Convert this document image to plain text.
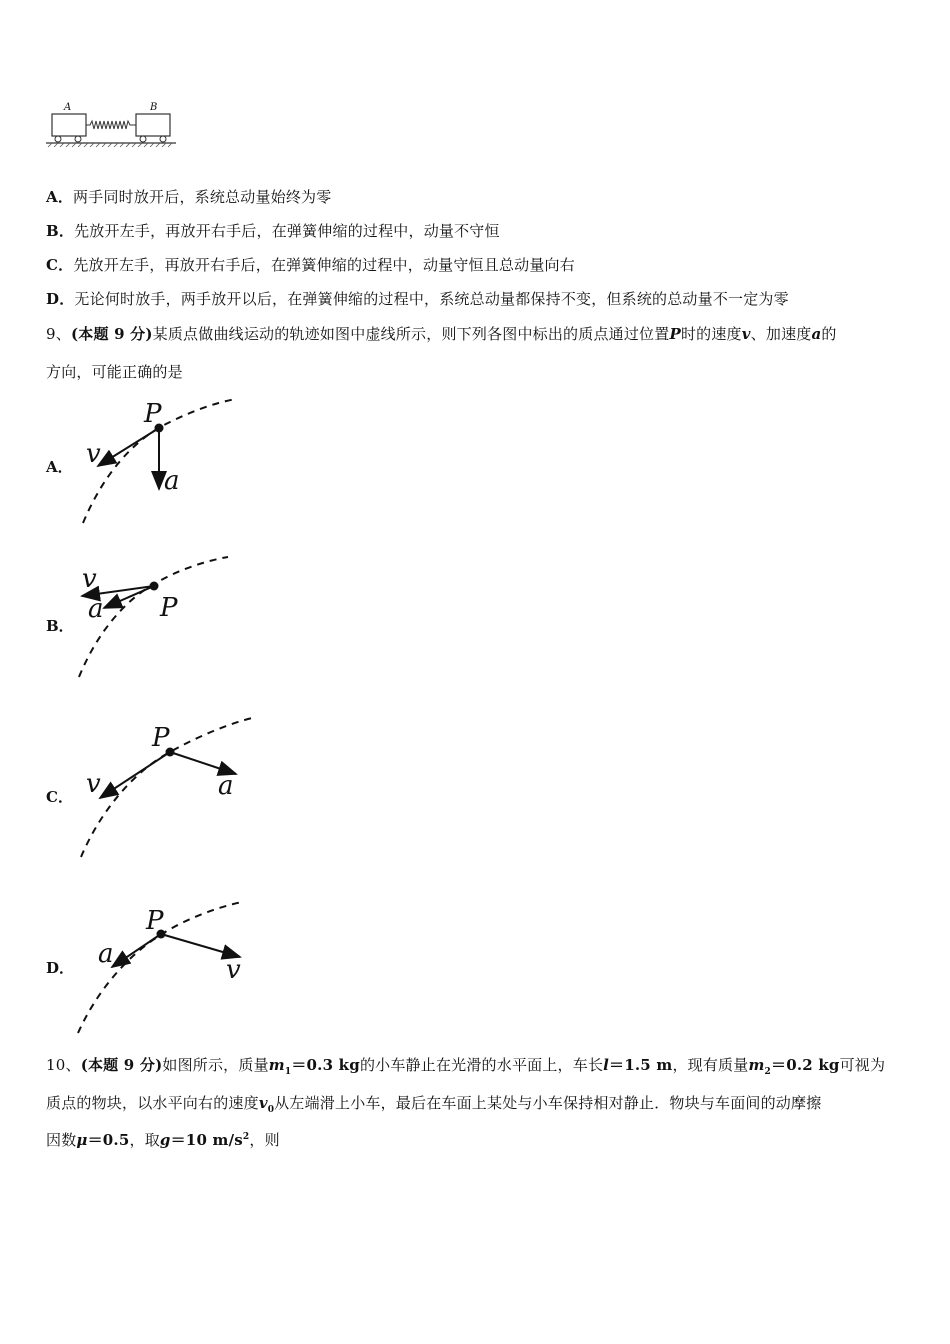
A	B
A．两手同时放开后，系统总动量始终为零
B．先放开左手，再放开右手后，在弹簧伸缩的过程中，动量不守恒
C．先放开左手，再放开右手后，在弹簧伸缩的过程中，动量守恒且总动量向右
D．无论何时放手，两手放开以后，在弹簧伸缩的过程中，系统总动量都保持不变，但系统的总动量不一定为零
9、(本题 9 分)某质点做曲线运动的轨迹如图中虚线所示，则下列各图中标出的质点通过位置P时的速度v、加速度a的
方向，可能正确的是
A．
P
v
a
B．
v
a P
C．
P
v	a
D．
P
a
v
10、(本题 9 分)如图所示，质量$m_1=0.3$ kg的小车静止在光滑的水平面上，车长l＝1.5 m，现有质量$m_2=0.2$ kg可视为
质点的物块，以水平向右的速度$v_0$从左端滑上小车，最后在车面上某处与小车保持相对静止．物块与车面间的动摩擦
因数μ＝0.5，取g＝10 $m/s^2$，则
